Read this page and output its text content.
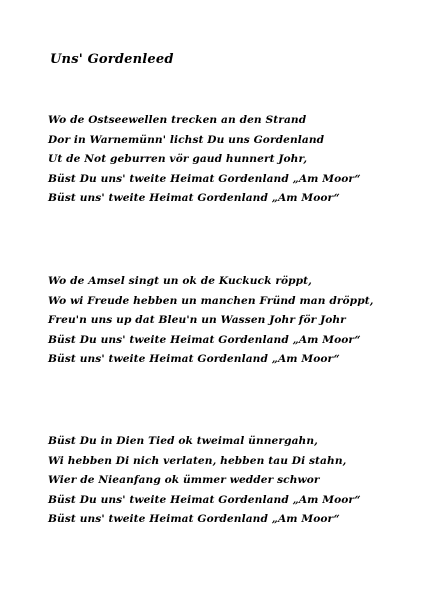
Uns' Gordenleed
Wo de Ostseewellen trecken an den Strand
Dor in Warnemünn' lichst Du uns Gordenland
Ut de Not geburren vör gaud hunnert Johr,
Büst Du uns' tweite Heimat Gordenland „Am Moor“
Büst uns' tweite Heimat Gordenland „Am Moor“
Wo de Amsel singt un ok de Kuckuck röppt,
Wo wi Freude hebben un manchen Fründ man dröppt,
Freu'n uns up dat Bleu'n un Wassen Johr för Johr
Büst Du uns' tweite Heimat Gordenland „Am Moor“
Büst uns' tweite Heimat Gordenland „Am Moor“
Büst Du in Dien Tied ok tweimal ünnergahn,
Wi hebben Di nich verlaten, hebben tau Di stahn,
Wier de Nieanfang ok ümmer wedder schwor
Büst Du uns' tweite Heimat Gordenland „Am Moor“
Büst uns' tweite Heimat Gordenland „Am Moor“
